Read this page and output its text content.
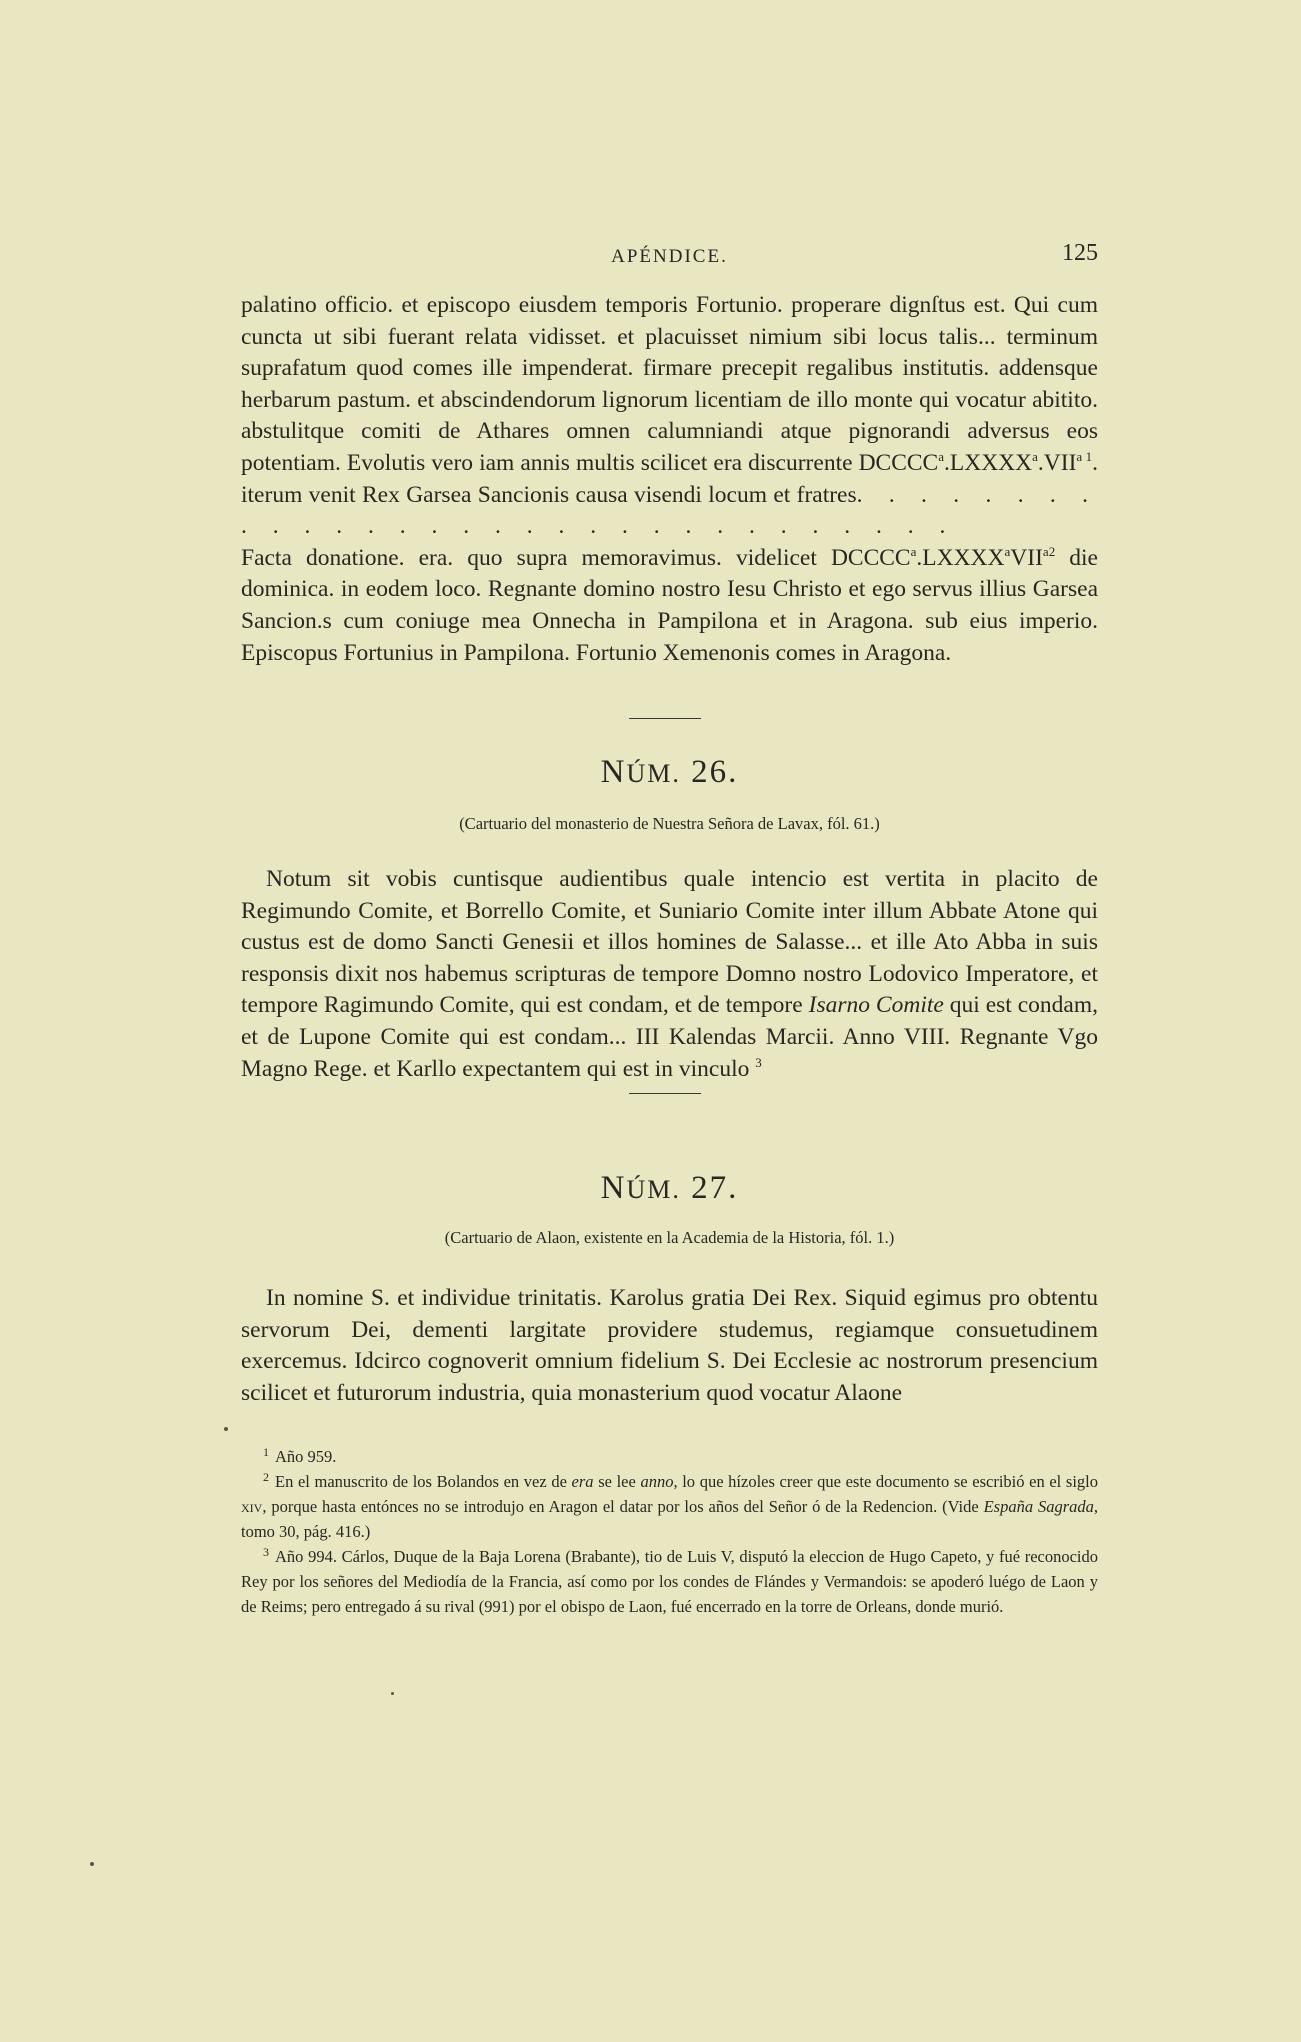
APÉNDICE.	125

palatino officio. et episcopo eiusdem temporis Fortunio. properare dignſtus est. Qui cum cuncta ut sibi fuerant relata vidisset. et placuisset nimium sibi locus talis... terminum suprafatum quod comes ille impenderat. firmare precepit regalibus institutis. addensque herbarum pastum. et abscindendorum lignorum licentiam de illo monte qui vocatur abitito. abstulitque comiti de Athares omnen calumniandi atque pignorandi adversus eos potentiam. Evolutis vero iam annis multis scilicet era discurrente $DCCCC^a.LXXXX^a.VII^{a 1}$. iterum venit Rex Garsea Sancionis causa visendi locum et fratres. . . . . . . . . . . . . . . . . . . . . . . . . . . . . . .

Facta donatione. era. quo supra memoravimus. videlicet $DCCCC^a.LXXXX^aVII^{a2}$ die dominica. in eodem loco. Regnante domino nostro Iesu Christo et ego servus illius Garsea Sancion.s cum coniuge mea Onnecha in Pampilona et in Aragona. sub eius imperio. Episcopus Fortunius in Pampilona. Fortunio Xemenonis comes in Aragona.

NÚM. 26.

(Cartuario del monasterio de Nuestra Señora de Lavax, fól. 61.)

Notum sit vobis cuntisque audientibus quale intencio est vertita in placito de Regimundo Comite, et Borrello Comite, et Suniario Comite inter illum Abbate Atone qui custus est de domo Sancti Genesii et illos homines de Salasse... et ille Ato Abba in suis responsis dixit nos habemus scripturas de tempore Domno nostro Lodovico Imperatore, et tempore Ragimundo Comite, qui est condam, et de tempore Isarno Comite qui est condam, et de Lupone Comite qui est condam... III Kalendas Marcii. Anno VIII. Regnante Vgo Magno Rege. et Karllo expectantem qui est in vinculo $^3$

NÚM. 27.

(Cartuario de Alaon, existente en la Academia de la Historia, fól. 1.)

In nomine S. et individue trinitatis. Karolus gratia Dei Rex. Siquid egimus pro obtentu servorum Dei, dementi largitate providere studemus, regiamque consuetudinem exercemus. Idcirco cognoverit omnium fidelium S. Dei Ecclesie ac nostrorum presencium scilicet et futurorum industria, quia monasterium quod vocatur Alaone

$^1$ Año 959.

$^2$ En el manuscrito de los Bolandos en vez de era se lee anno, lo que hízoles creer que este documento se escribió en el siglo xiv, porque hasta entónces no se introdujo en Aragon el datar por los años del Señor ó de la Redencion. (Vide España Sagrada, tomo 30, pág. 416.)

$^3$ Año 994. Cárlos, Duque de la Baja Lorena (Brabante), tio de Luis V, disputó la eleccion de Hugo Capeto, y fué reconocido Rey por los señores del Mediodía de la Francia, así como por los condes de Flándes y Vermandois: se apoderó luégo de Laon y de Reims; pero entregado á su rival (991) por el obispo de Laon, fué encerrado en la torre de Orleans, donde murió.
